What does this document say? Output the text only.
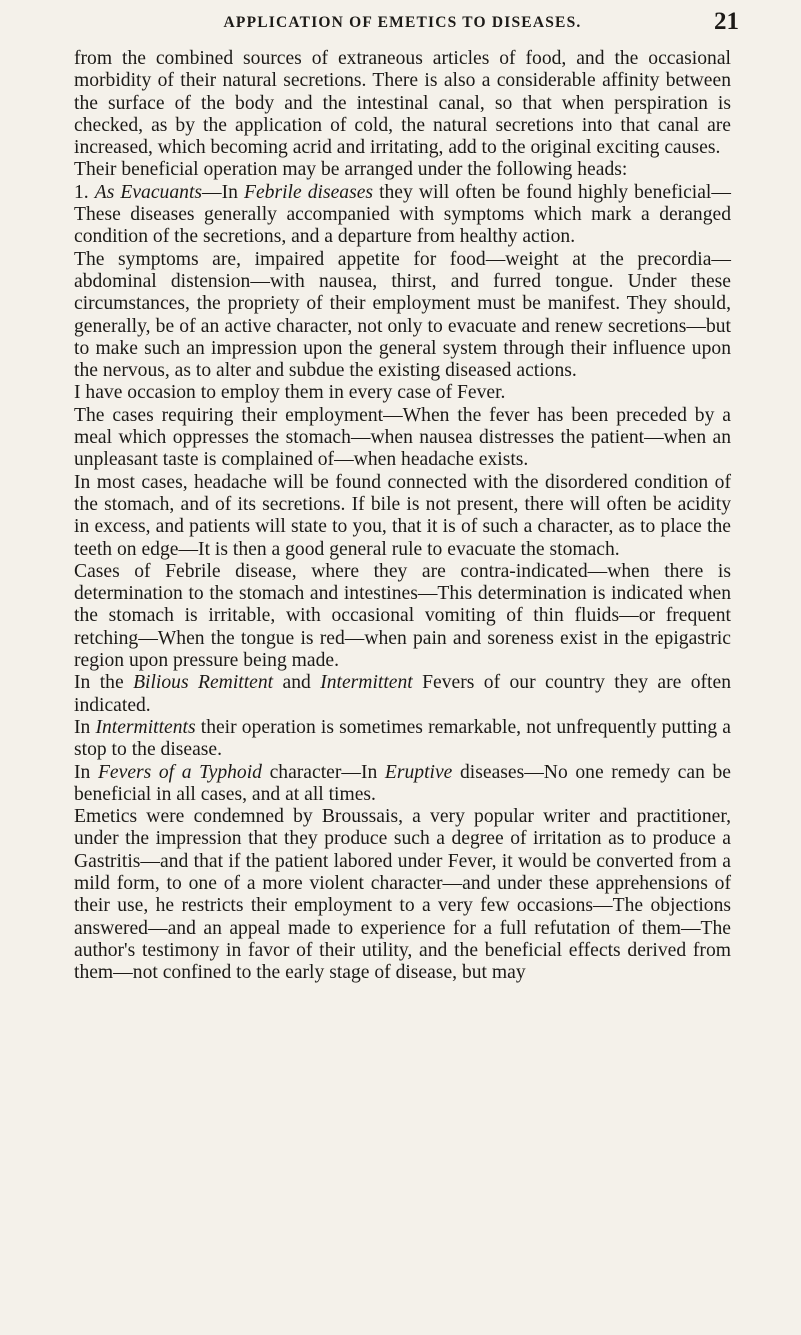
APPLICATION OF EMETICS TO DISEASES.	21

from the combined sources of extraneous articles of food, and the occasional morbidity of their natural secretions. There is also a considerable affinity between the surface of the body and the intestinal canal, so that when perspiration is checked, as by the application of cold, the natural secretions into that canal are increased, which becoming acrid and irritating, add to the original exciting causes.

Their beneficial operation may be arranged under the following heads:

1. As Evacuants—In Febrile diseases they will often be found highly beneficial—These diseases generally accompanied with symptoms which mark a deranged condition of the secretions, and a departure from healthy action.

The symptoms are, impaired appetite for food—weight at the precordia—abdominal distension—with nausea, thirst, and furred tongue. Under these circumstances, the propriety of their employment must be manifest. They should, generally, be of an active character, not only to evacuate and renew secretions—but to make such an impression upon the general system through their influence upon the nervous, as to alter and subdue the existing diseased actions.

I have occasion to employ them in every case of Fever.

The cases requiring their employment—When the fever has been preceded by a meal which oppresses the stomach—when nausea distresses the patient—when an unpleasant taste is complained of—when headache exists.

In most cases, headache will be found connected with the disordered condition of the stomach, and of its secretions. If bile is not present, there will often be acidity in excess, and patients will state to you, that it is of such a character, as to place the teeth on edge—It is then a good general rule to evacuate the stomach.

Cases of Febrile disease, where they are contra-indicated—when there is determination to the stomach and intestines—This determination is indicated when the stomach is irritable, with occasional vomiting of thin fluids—or frequent retching—When the tongue is red—when pain and soreness exist in the epigastric region upon pressure being made.

In the Bilious Remittent and Intermittent Fevers of our country they are often indicated.

In Intermittents their operation is sometimes remarkable, not unfrequently putting a stop to the disease.

In Fevers of a Typhoid character—In Eruptive diseases—No one remedy can be beneficial in all cases, and at all times.

Emetics were condemned by Broussais, a very popular writer and practitioner, under the impression that they produce such a degree of irritation as to produce a Gastritis—and that if the patient labored under Fever, it would be converted from a mild form, to one of a more violent character—and under these apprehensions of their use, he restricts their employment to a very few occasions—The objections answered—and an appeal made to experience for a full refutation of them—The author's testimony in favor of their utility, and the beneficial effects derived from them—not confined to the early stage of disease, but may
